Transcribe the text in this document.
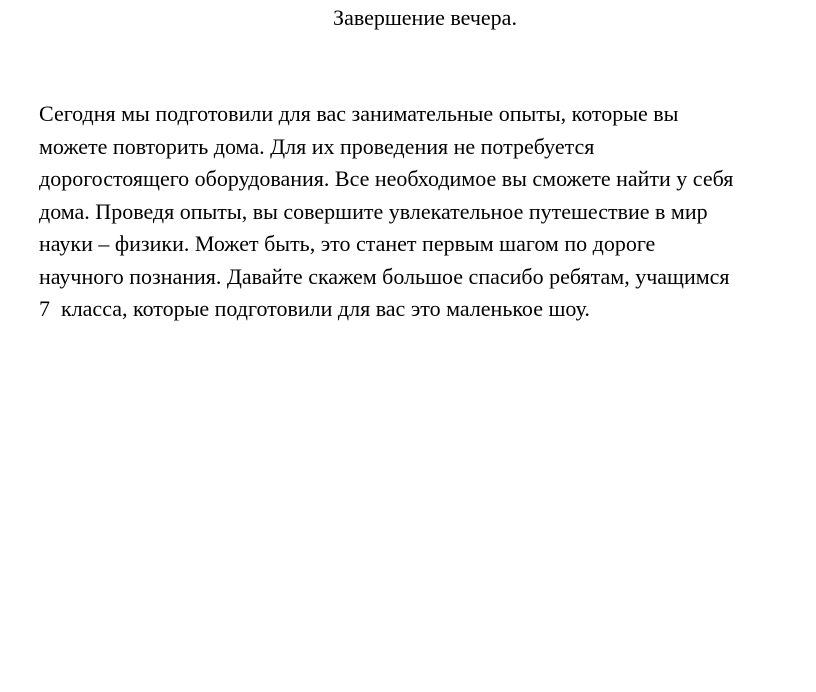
Завершение вечера.
Сегодня мы подготовили для вас занимательные опыты, которые вы
можете повторить дома. Для их проведения не потребуется
дорогостоящего оборудования. Все необходимое вы сможете найти у себя
дома. Проведя опыты, вы совершите увлекательное путешествие в мир
науки – физики. Может быть, это станет первым шагом по дороге
научного познания. Давайте скажем большое спасибо ребятам, учащимся
7  класса, которые подготовили для вас это маленькое шоу.
